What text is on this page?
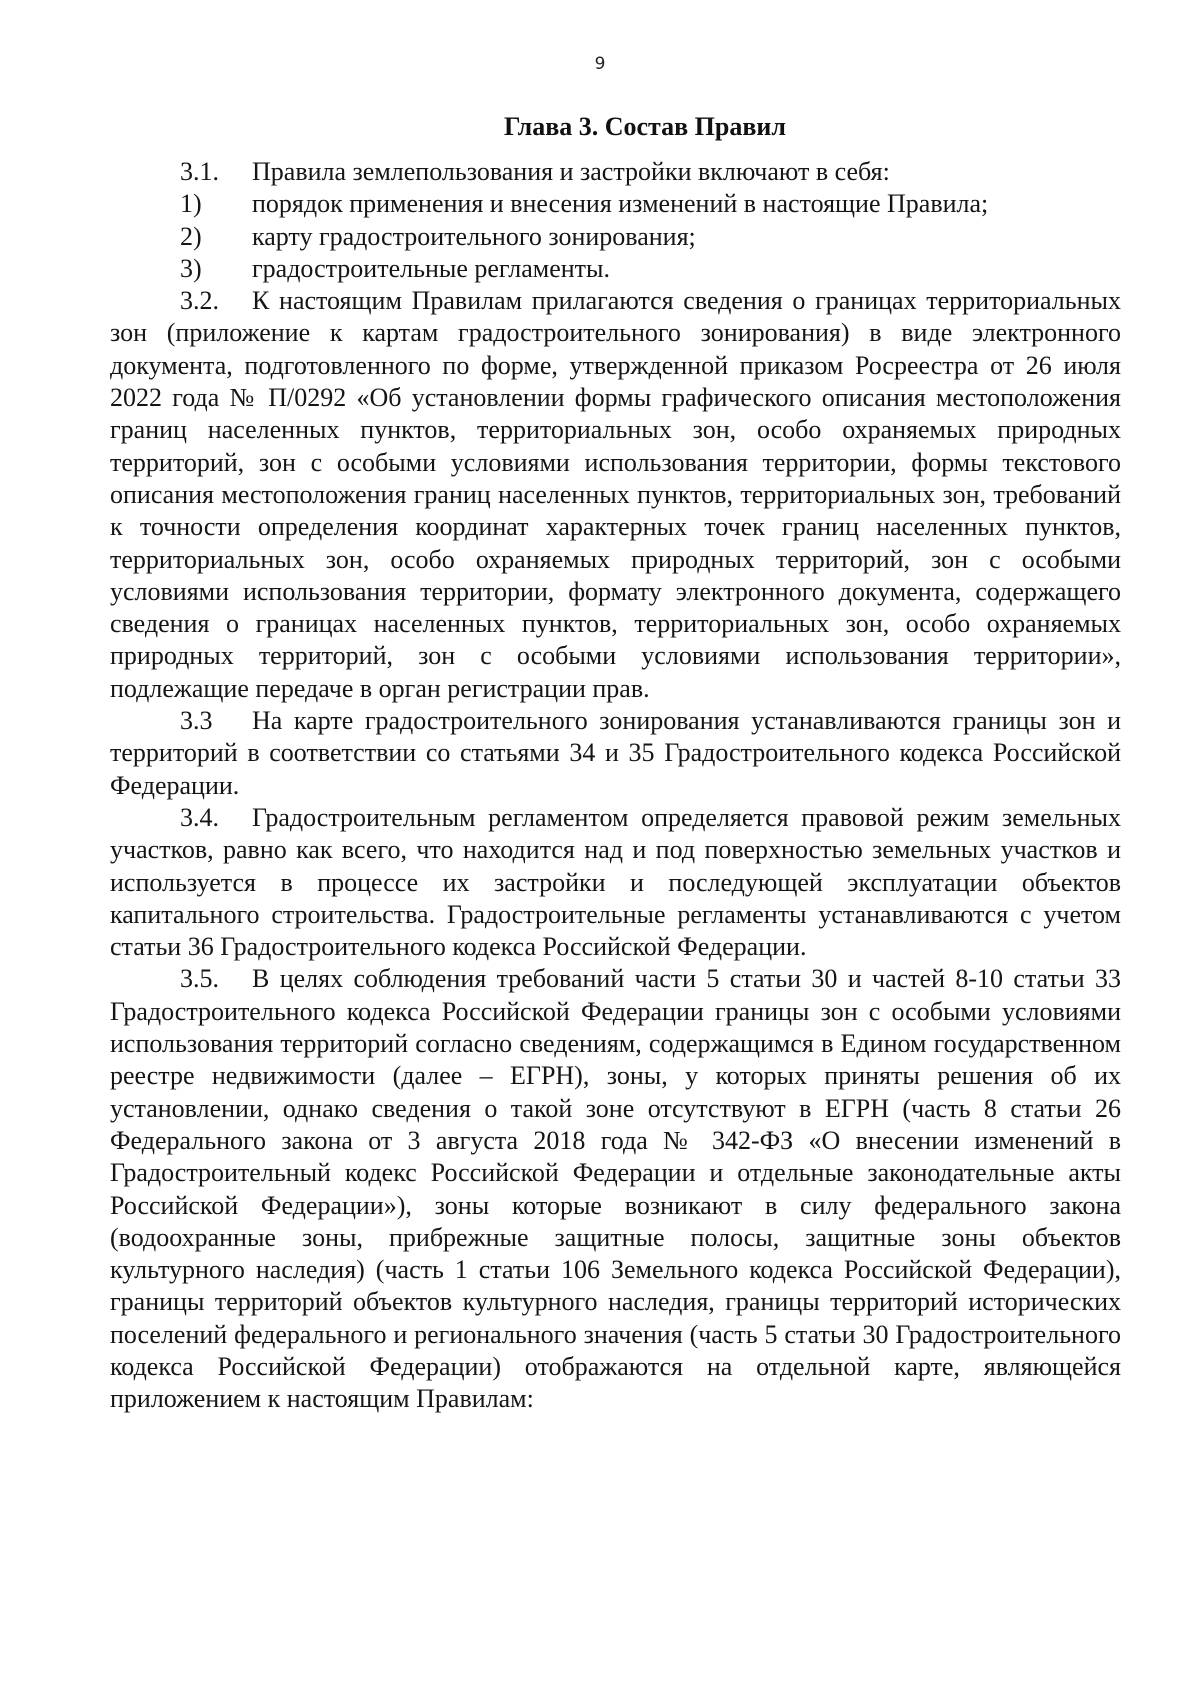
9
Глава 3. Состав Правил
3.1.	Правила землепользования и застройки включают в себя:
1)	порядок применения и внесения изменений в настоящие Правила;
2)	карту градостроительного зонирования;
3)	градостроительные регламенты.

3.2. К настоящим Правилам прилагаются сведения о границах территориальных зон (приложение к картам градостроительного зонирования) в виде электронного документа, подготовленного по форме, утвержденной приказом Росреестра от 26 июля 2022 года № П/0292 «Об установлении формы графического описания местоположения границ населенных пунктов, территориальных зон, особо охраняемых природных территорий, зон с особыми условиями использования территории, формы текстового описания местоположения границ населенных пунктов, территориальных зон, требований к точности определения координат характерных точек границ населенных пунктов, территориальных зон, особо охраняемых природных территорий, зон с особыми условиями использования территории, формату электронного документа, содержащего сведения о границах населенных пунктов, территориальных зон, особо охраняемых природных территорий, зон с особыми условиями использования территории», подлежащие передаче в орган регистрации прав.

3.3 На карте градостроительного зонирования устанавливаются границы зон и территорий в соответствии со статьями 34 и 35 Градостроительного кодекса Российской Федерации.

3.4. Градостроительным регламентом определяется правовой режим земельных участков, равно как всего, что находится над и под поверхностью земельных участков и используется в процессе их застройки и последующей эксплуатации объектов капитального строительства. Градостроительные регламенты устанавливаются с учетом статьи 36 Градостроительного кодекса Российской Федерации.

3.5. В целях соблюдения требований части 5 статьи 30 и частей 8-10 статьи 33 Градостроительного кодекса Российской Федерации границы зон с особыми условиями использования территорий согласно сведениям, содержащимся в Едином государственном реестре недвижимости (далее – ЕГРН), зоны, у которых приняты решения об их установлении, однако сведения о такой зоне отсутствуют в ЕГРН (часть 8 статьи 26 Федерального закона от 3 августа 2018 года № 342-ФЗ «О внесении изменений в Градостроительный кодекс Российской Федерации и отдельные законодательные акты Российской Федерации»), зоны которые возникают в силу федерального закона (водоохранные зоны, прибрежные защитные полосы, защитные зоны объектов культурного наследия) (часть 1 статьи 106 Земельного кодекса Российской Федерации), границы территорий объектов культурного наследия, границы территорий исторических поселений федерального и регионального значения (часть 5 статьи 30 Градостроительного кодекса Российской Федерации) отображаются на отдельной карте, являющейся приложением к настоящим Правилам:
